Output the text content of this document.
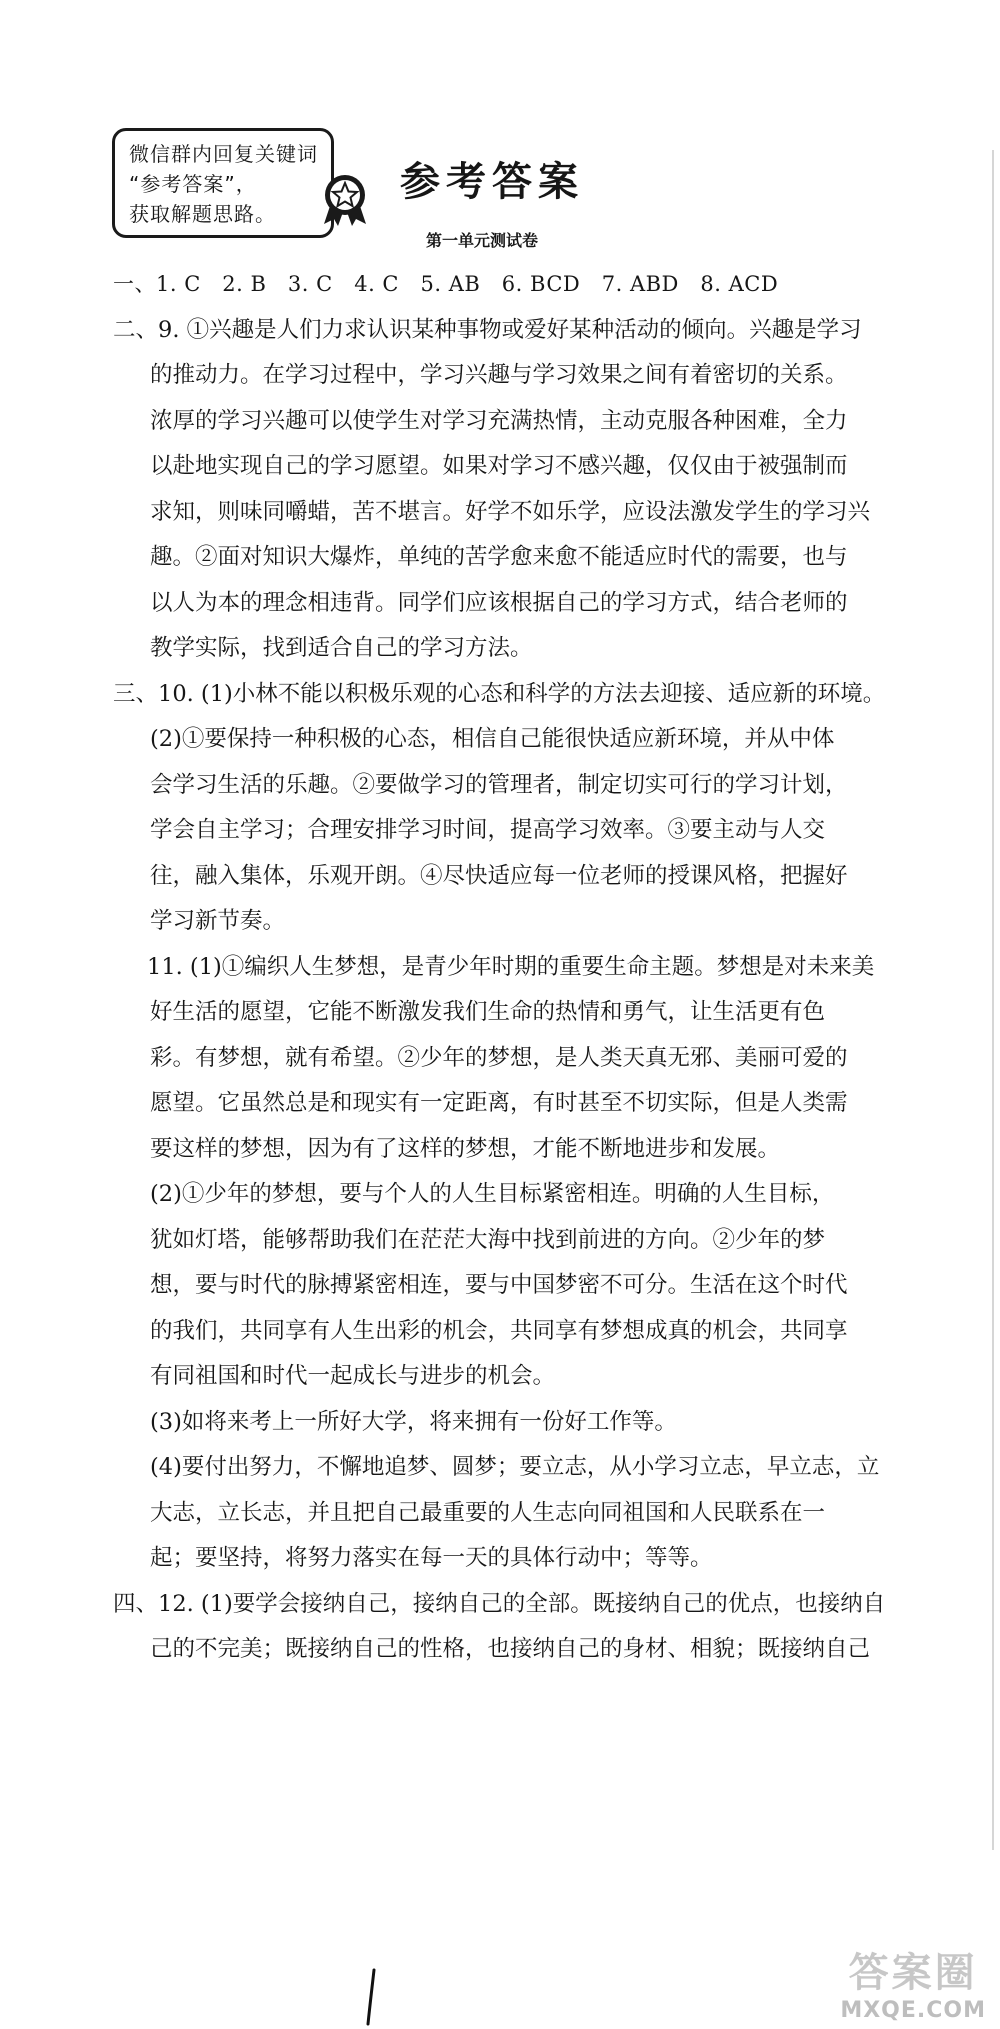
微信群内回复关键词
“参考答案”，
获取解题思路。
参考答案
第一单元测试卷
一、1. C　2. B　3. C　4. C　5. AB　6. BCD　7. ABD　8. ACD
二、9. ①兴趣是人们力求认识某种事物或爱好某种活动的倾向。兴趣是学习
的推动力。在学习过程中，学习兴趣与学习效果之间有着密切的关系。
浓厚的学习兴趣可以使学生对学习充满热情，主动克服各种困难，全力
以赴地实现自己的学习愿望。如果对学习不感兴趣，仅仅由于被强制而
求知，则味同嚼蜡，苦不堪言。好学不如乐学，应设法激发学生的学习兴
趣。②面对知识大爆炸，单纯的苦学愈来愈不能适应时代的需要，也与
以人为本的理念相违背。同学们应该根据自己的学习方式，结合老师的
教学实际，找到适合自己的学习方法。
三、10. (1)小林不能以积极乐观的心态和科学的方法去迎接、适应新的环境。
(2)①要保持一种积极的心态，相信自己能很快适应新环境，并从中体
会学习生活的乐趣。②要做学习的管理者，制定切实可行的学习计划，
学会自主学习；合理安排学习时间，提高学习效率。③要主动与人交
往，融入集体，乐观开朗。④尽快适应每一位老师的授课风格，把握好
学习新节奏。
11. (1)①编织人生梦想，是青少年时期的重要生命主题。梦想是对未来美
好生活的愿望，它能不断激发我们生命的热情和勇气，让生活更有色
彩。有梦想，就有希望。②少年的梦想，是人类天真无邪、美丽可爱的
愿望。它虽然总是和现实有一定距离，有时甚至不切实际，但是人类需
要这样的梦想，因为有了这样的梦想，才能不断地进步和发展。
(2)①少年的梦想，要与个人的人生目标紧密相连。明确的人生目标，
犹如灯塔，能够帮助我们在茫茫大海中找到前进的方向。②少年的梦
想，要与时代的脉搏紧密相连，要与中国梦密不可分。生活在这个时代
的我们，共同享有人生出彩的机会，共同享有梦想成真的机会，共同享
有同祖国和时代一起成长与进步的机会。
(3)如将来考上一所好大学，将来拥有一份好工作等。
(4)要付出努力，不懈地追梦、圆梦；要立志，从小学习立志，早立志，立
大志，立长志，并且把自己最重要的人生志向同祖国和人民联系在一
起；要坚持，将努力落实在每一天的具体行动中；等等。
四、12. (1)要学会接纳自己，接纳自己的全部。既接纳自己的优点，也接纳自
己的不完美；既接纳自己的性格，也接纳自己的身材、相貌；既接纳自己
答案圈
MXQE.COM
